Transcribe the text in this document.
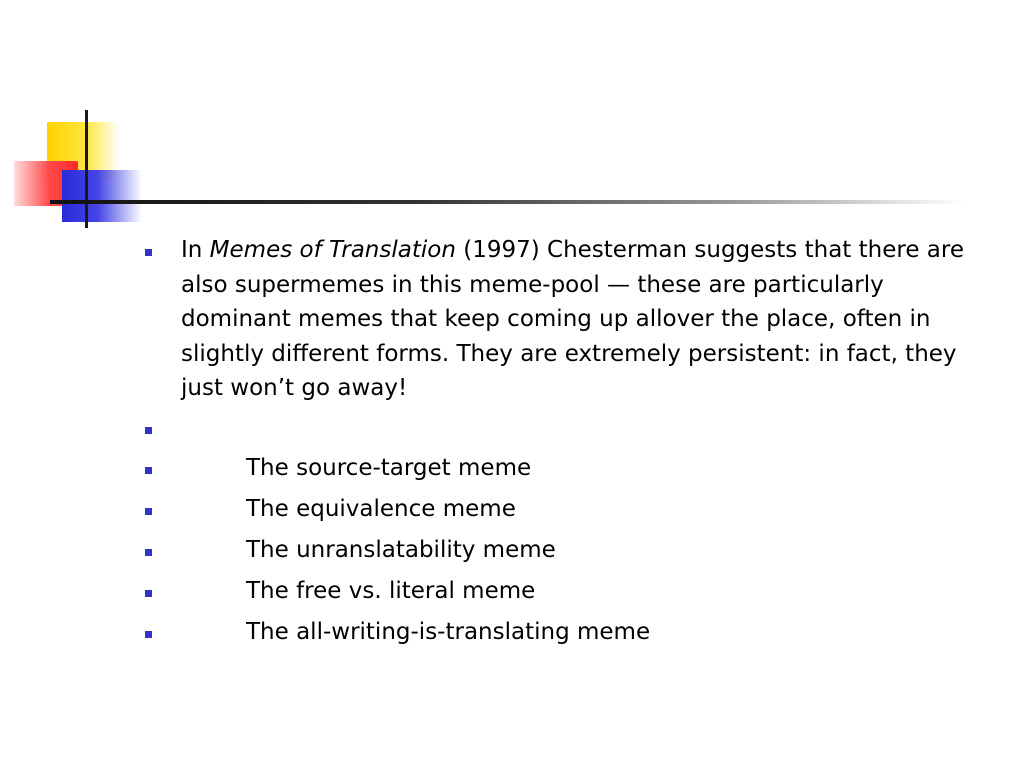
In Memes of Translation (1997) Chesterman suggests that there are also supermemes in this meme-pool — these are particularly dominant memes that keep coming up allover the place, often in slightly different forms. They are extremely persistent: in fact, they just won’t go away!
The source-target meme
The equivalence meme
The unranslatability meme
The free vs. literal meme
The all-writing-is-translating meme
